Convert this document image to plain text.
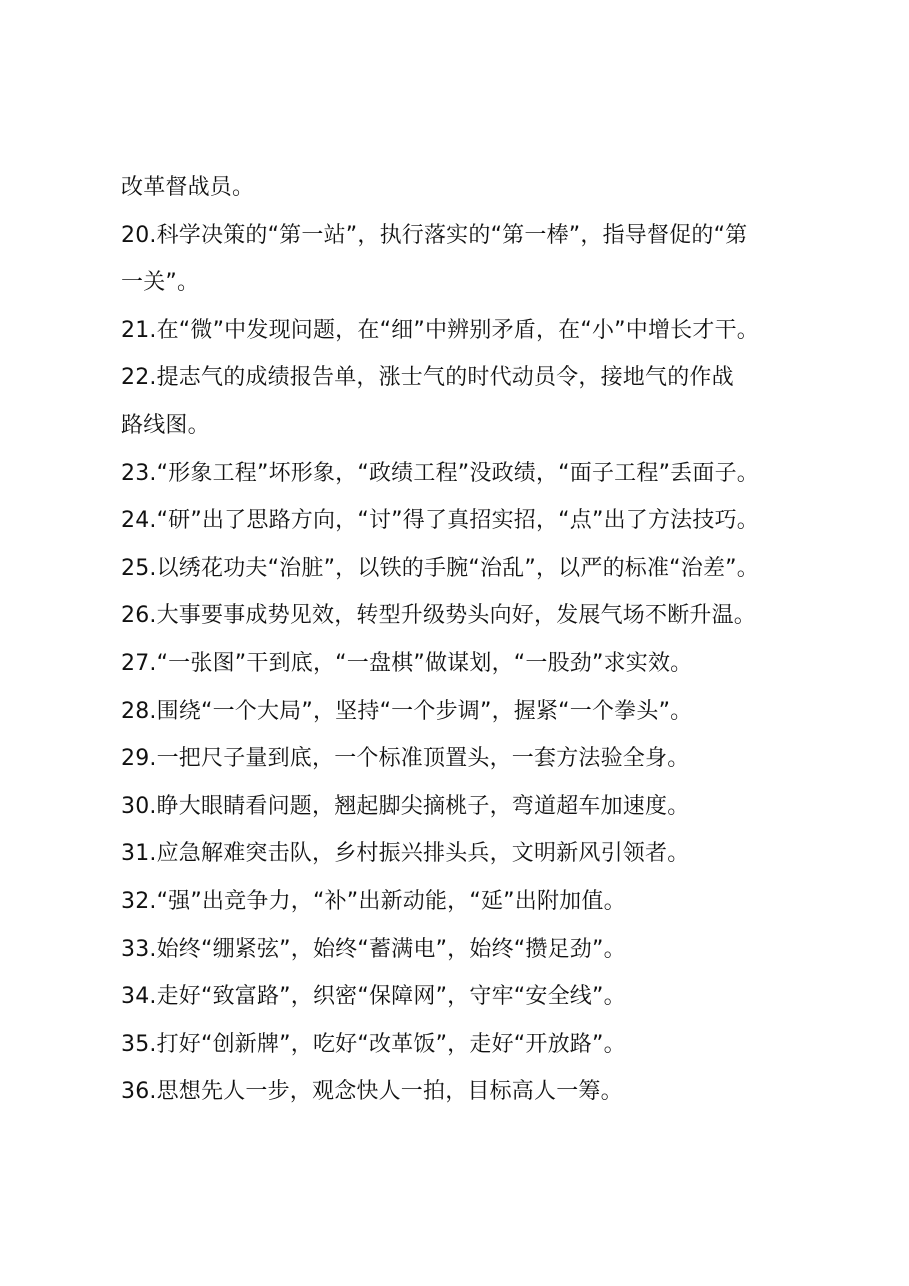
改革督战员。
20.科学决策的“第一站”，执行落实的“第一棒”，指导督促的“第
一关”。
21.在“微”中发现问题，在“细”中辨别矛盾，在“小”中增长才干。
22.提志气的成绩报告单，涨士气的时代动员令，接地气的作战
路线图。
23.“形象工程”坏形象，“政绩工程”没政绩，“面子工程”丢面子。
24.“研”出了思路方向，“讨”得了真招实招，“点”出了方法技巧。
25.以绣花功夫“治脏”，以铁的手腕“治乱”，以严的标准“治差”。
26.大事要事成势见效，转型升级势头向好，发展气场不断升温。
27.“一张图”干到底，“一盘棋”做谋划，“一股劲”求实效。
28.围绕“一个大局”，坚持“一个步调”，握紧“一个拳头”。
29.一把尺子量到底，一个标准顶置头，一套方法验全身。
30.睁大眼睛看问题，翘起脚尖摘桃子，弯道超车加速度。
31.应急解难突击队，乡村振兴排头兵，文明新风引领者。
32.“强”出竞争力，“补”出新动能，“延”出附加值。
33.始终“绷紧弦”，始终“蓄满电”，始终“攒足劲”。
34.走好“致富路”，织密“保障网”，守牢“安全线”。
35.打好“创新牌”，吃好“改革饭”，走好“开放路”。
36.思想先人一步，观念快人一拍，目标高人一筹。
